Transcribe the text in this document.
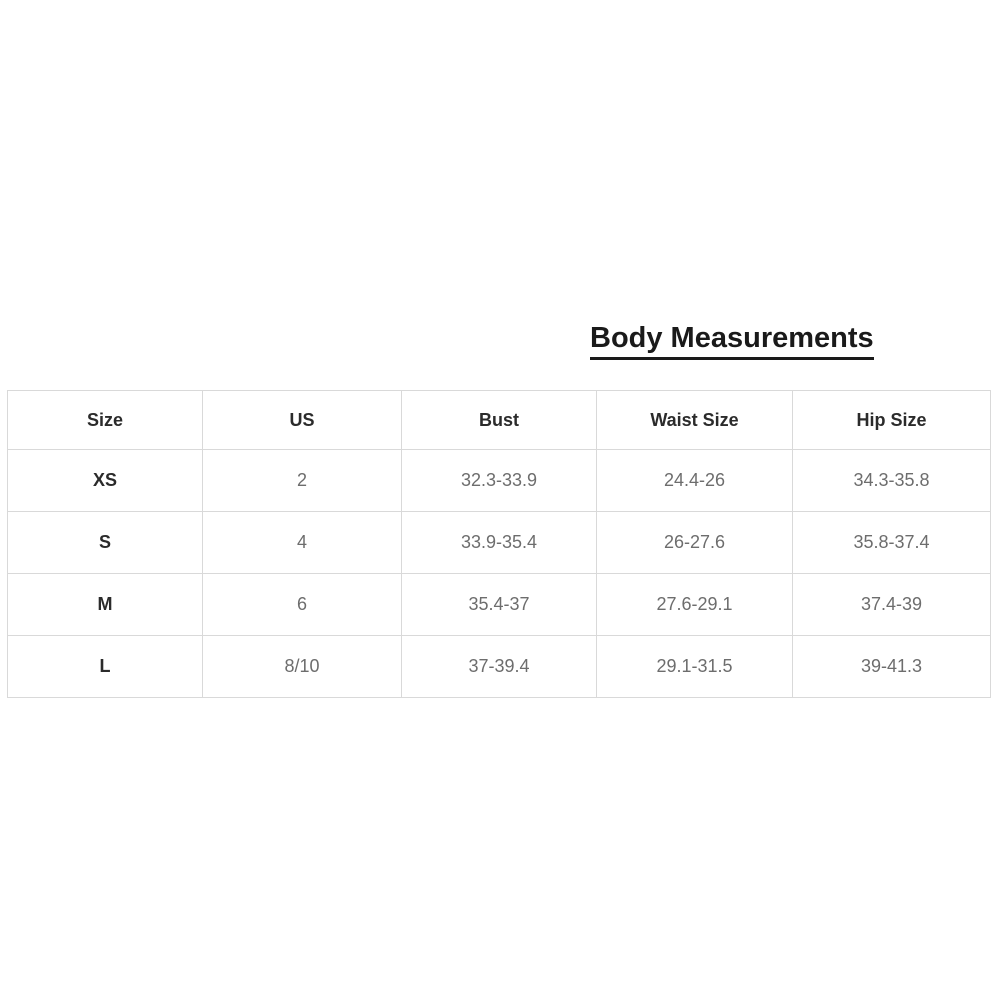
Body Measurements
Size	US	Bust	Waist Size	Hip Size
XS	2	32.3-33.9	24.4-26	34.3-35.8
S	4	33.9-35.4	26-27.6	35.8-37.4
M	6	35.4-37	27.6-29.1	37.4-39
L	8/10	37-39.4	29.1-31.5	39-41.3
